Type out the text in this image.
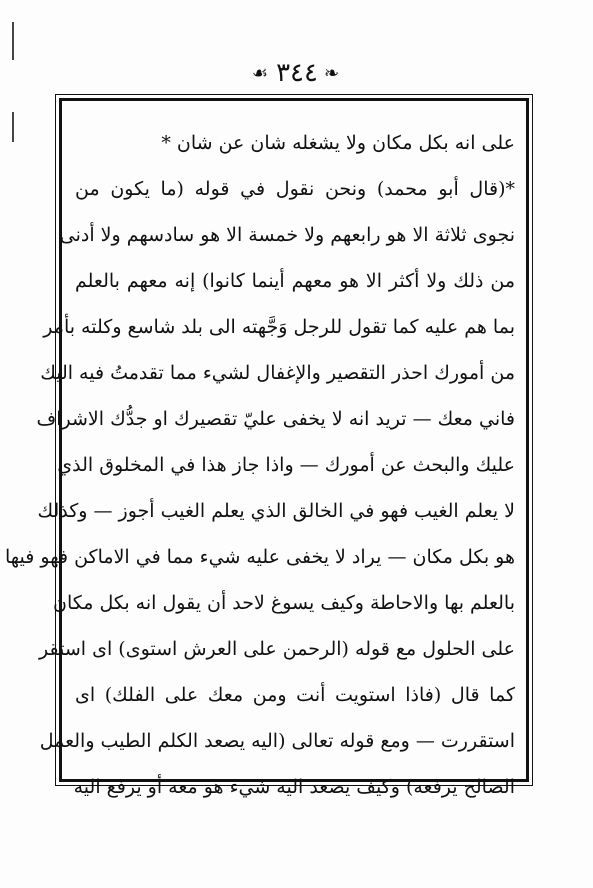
❧
٣٤٤
☙
على انه بكل مكان ولا يشغله شان عن شان *
*(قال أبو محمد) ونحن نقول في قوله (ما يكون من
نجوى ثلاثة الا هو رابعهم ولا خمسة الا هو سادسهم ولا أدنى
من ذلك ولا أكثر الا هو معهم أينما كانوا) إنه معهم بالعلم
بما هم عليه كما تقول للرجل وَجَّهته الى بلد شاسع وكلته بأمر
من أمورك احذر التقصير والإغفال لشيء مما تقدمتُ فيه اليك
فاني معك — تريد انه لا يخفى عليّ تقصيرك او جدُّك الاشراف
عليك والبحث عن أمورك — واذا جاز هذا في المخلوق الذي
لا يعلم الغيب فهو في الخالق الذي يعلم الغيب أجوز — وكذلك
هو بكل مكان — يراد لا يخفى عليه شيء مما في الاماكن فهو فيها
بالعلم بها والاحاطة وكيف يسوغ لاحد أن يقول انه بكل مكان
على الحلول مع قوله (الرحمن على العرش استوى) اى استقر
كما قال (فاذا استويت أنت ومن معك على الفلك) اى
استقررت — ومع قوله تعالى (اليه يصعد الكلم الطيب والعمل
الصالح يرفعه) وكيف يصعد اليه شيء هو معه أو يرفع اليه
